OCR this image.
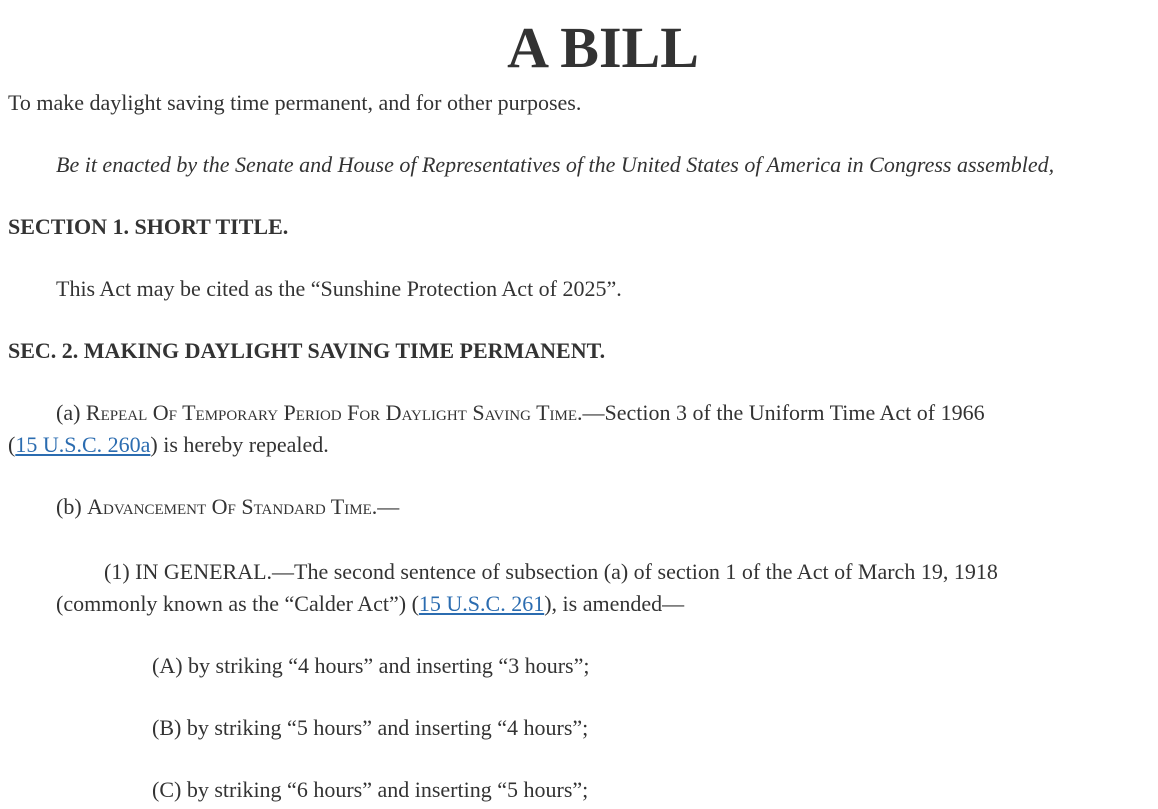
A BILL

To make daylight saving time permanent, and for other purposes.

Be it enacted by the Senate and House of Representatives of the United States of America in Congress assembled,

SECTION 1. SHORT TITLE.

This Act may be cited as the “Sunshine Protection Act of 2025”.

SEC. 2. MAKING DAYLIGHT SAVING TIME PERMANENT.

(a) Repeal Of Temporary Period For Daylight Saving Time.—Section 3 of the Uniform Time Act of 1966

(15 U.S.C. 260a) is hereby repealed.

(b) Advancement Of Standard Time.—

(1) IN GENERAL.—The second sentence of subsection (a) of section 1 of the Act of March 19, 1918

(commonly known as the “Calder Act”) (15 U.S.C. 261), is amended—

(A) by striking “4 hours” and inserting “3 hours”;

(B) by striking “5 hours” and inserting “4 hours”;

(C) by striking “6 hours” and inserting “5 hours”;
